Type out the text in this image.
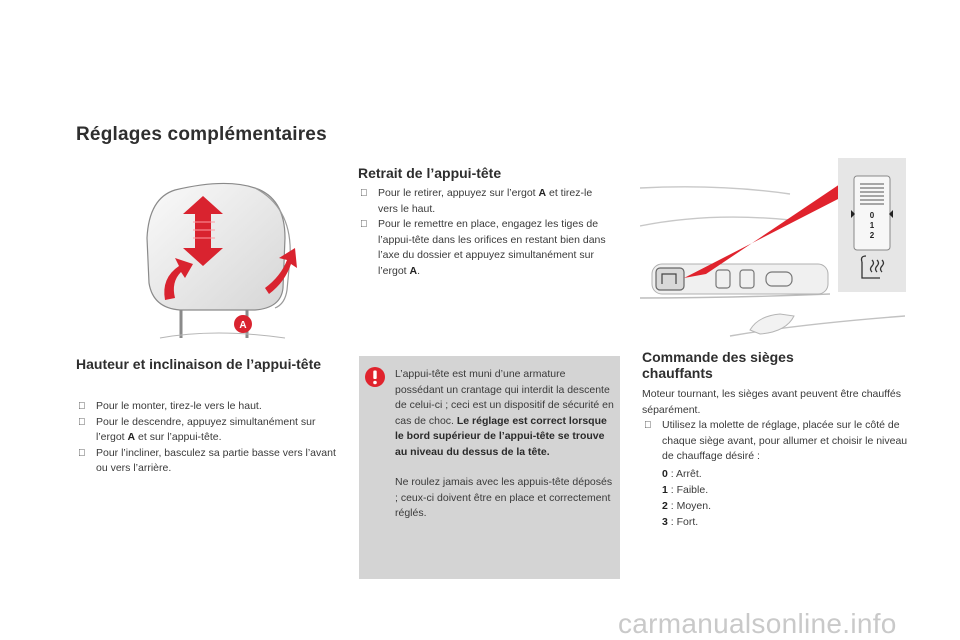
Réglages complémentaires
A
Hauteur et inclinaison de l’appui-tête
Pour le monter, tirez-le vers le haut.
Pour le descendre, appuyez simultanément sur l’ergot A et sur l’appui-tête.
Pour l’incliner, basculez sa partie basse vers l’avant ou vers l’arrière.
Retrait de l’appui-tête
Pour le retirer, appuyez sur l’ergot A et tirez-le vers le haut.
Pour le remettre en place, engagez les tiges de l’appui-tête dans les orifices en restant bien dans l’axe du dossier et appuyez simultanément sur l’ergot A.

L’appui-tête est muni d’une armature possédant un crantage qui interdit la descente de celui-ci ; ceci est un dispositif de sécurité en cas de choc. Le réglage est correct lorsque le bord supérieur de l’appui-tête se trouve au niveau du dessus de la tête.

Ne roulez jamais avec les appuis-tête déposés ; ceux-ci doivent être en place et correctement réglés.

0
1
2
Commande des sièges chauffants

Moteur tournant, les sièges avant peuvent être chauffés séparément.

Utilisez la molette de réglage, placée sur le côté de chaque siège avant, pour allumer et choisir le niveau de chauffage désiré :
0 : Arrêt.
1 : Faible.
2 : Moyen.
3 : Fort.
carmanualsonline.info
